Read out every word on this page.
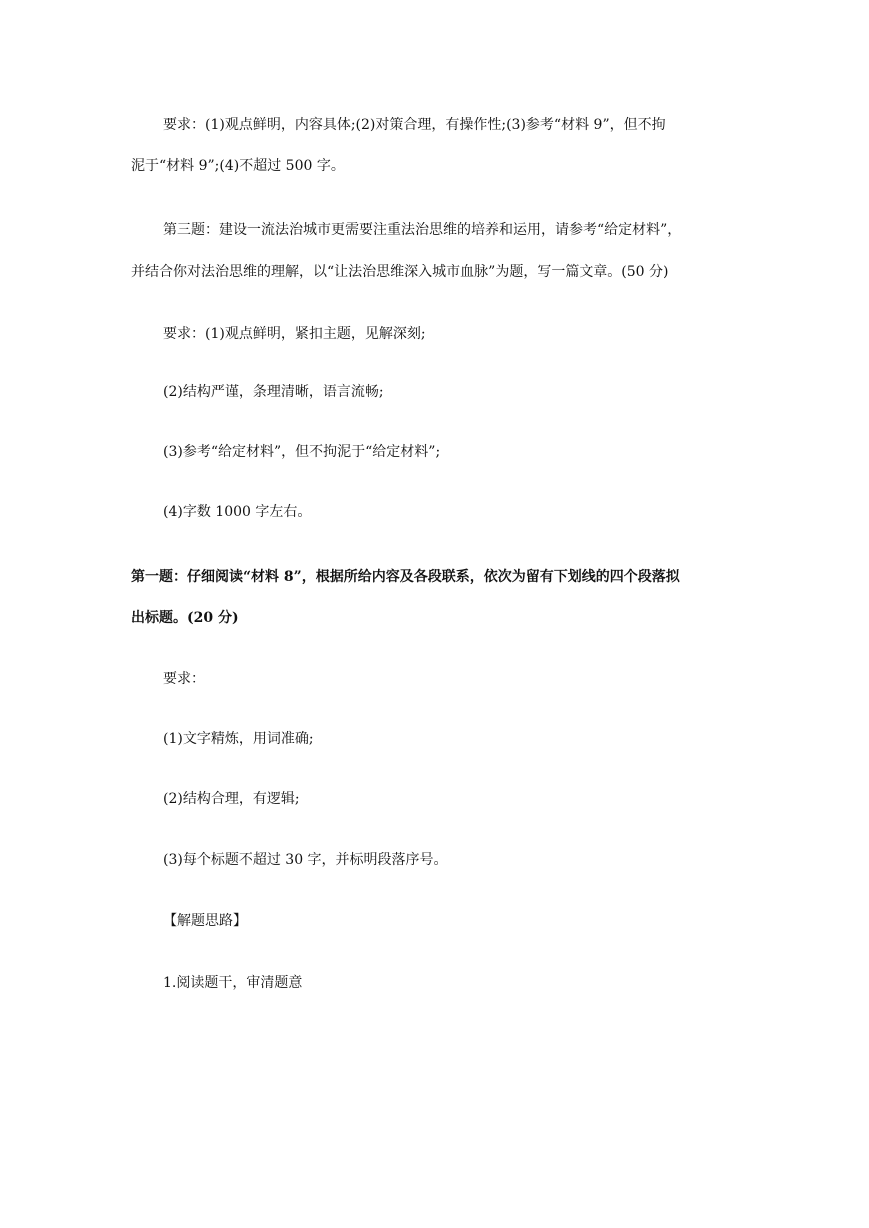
要求：(1)观点鲜明，内容具体;(2)对策合理，有操作性;(3)参考“材料 9”，但不拘
泥于“材料 9”;(4)不超过 500 字。
第三题：建设一流法治城市更需要注重法治思维的培养和运用，请参考“给定材料”，
并结合你对法治思维的理解，以“让法治思维深入城市血脉”为题，写一篇文章。(50 分)
要求：(1)观点鲜明，紧扣主题，见解深刻;
(2)结构严谨，条理清晰，语言流畅;
(3)参考“给定材料”，但不拘泥于“给定材料”;
(4)字数 1000 字左右。
第一题：仔细阅读“材料 8”，根据所给内容及各段联系，依次为留有下划线的四个段落拟
出标题。(20 分)
要求：
(1)文字精炼，用词准确;
(2)结构合理，有逻辑;
(3)每个标题不超过 30 字，并标明段落序号。
【解题思路】
1.阅读题干，审清题意
